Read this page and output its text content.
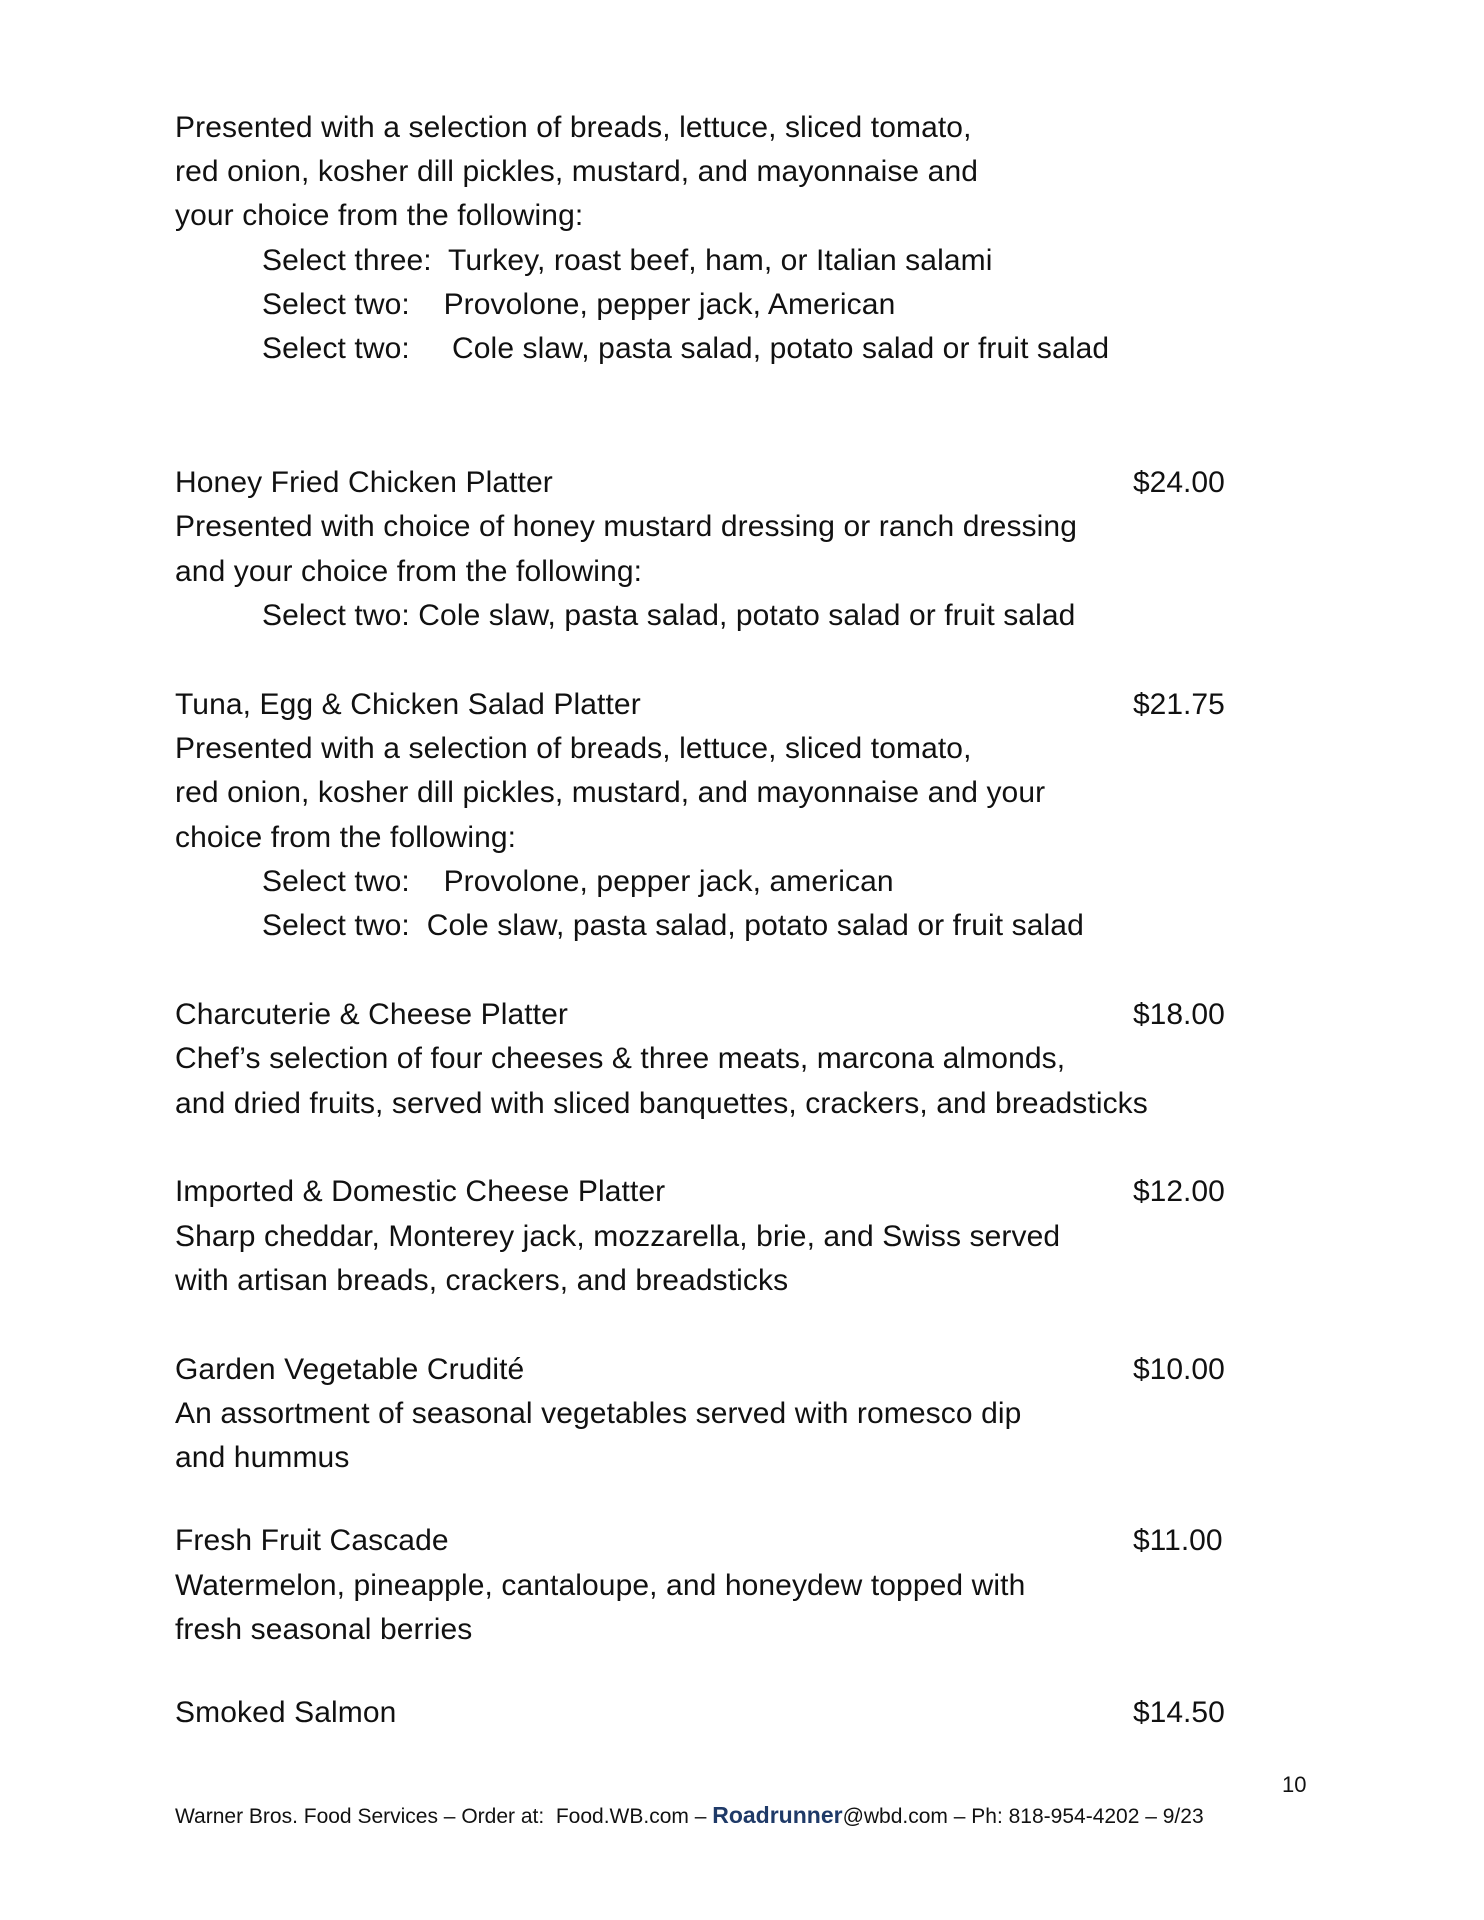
Presented with a selection of breads, lettuce, sliced tomato,
red onion, kosher dill pickles, mustard, and mayonnaise and
your choice from the following:
Select three:  Turkey, roast beef, ham, or Italian salami
Select two:    Provolone, pepper jack, American
Select two:     Cole slaw, pasta salad, potato salad or fruit salad
Honey Fried Chicken Platter	$24.00
Presented with choice of honey mustard dressing or ranch dressing
and your choice from the following:
Select two: Cole slaw, pasta salad, potato salad or fruit salad
Tuna, Egg & Chicken Salad Platter	$21.75
Presented with a selection of breads, lettuce, sliced tomato,
red onion, kosher dill pickles, mustard, and mayonnaise and your
choice from the following:
Select two:    Provolone, pepper jack, american
Select two:  Cole slaw, pasta salad, potato salad or fruit salad
Charcuterie & Cheese Platter	$18.00
Chef’s selection of four cheeses & three meats, marcona almonds,
and dried fruits, served with sliced banquettes, crackers, and breadsticks
Imported & Domestic Cheese Platter	$12.00
Sharp cheddar, Monterey jack, mozzarella, brie, and Swiss served
with artisan breads, crackers, and breadsticks
Garden Vegetable Crudité	$10.00
An assortment of seasonal vegetables served with romesco dip
and hummus
Fresh Fruit Cascade	$11.00
Watermelon, pineapple, cantaloupe, and honeydew topped with
fresh seasonal berries
Smoked Salmon	$14.50
10
Warner Bros. Food Services – Order at:  Food.WB.com – Roadrunner@wbd.com – Ph: 818-954-4202 – 9/23
